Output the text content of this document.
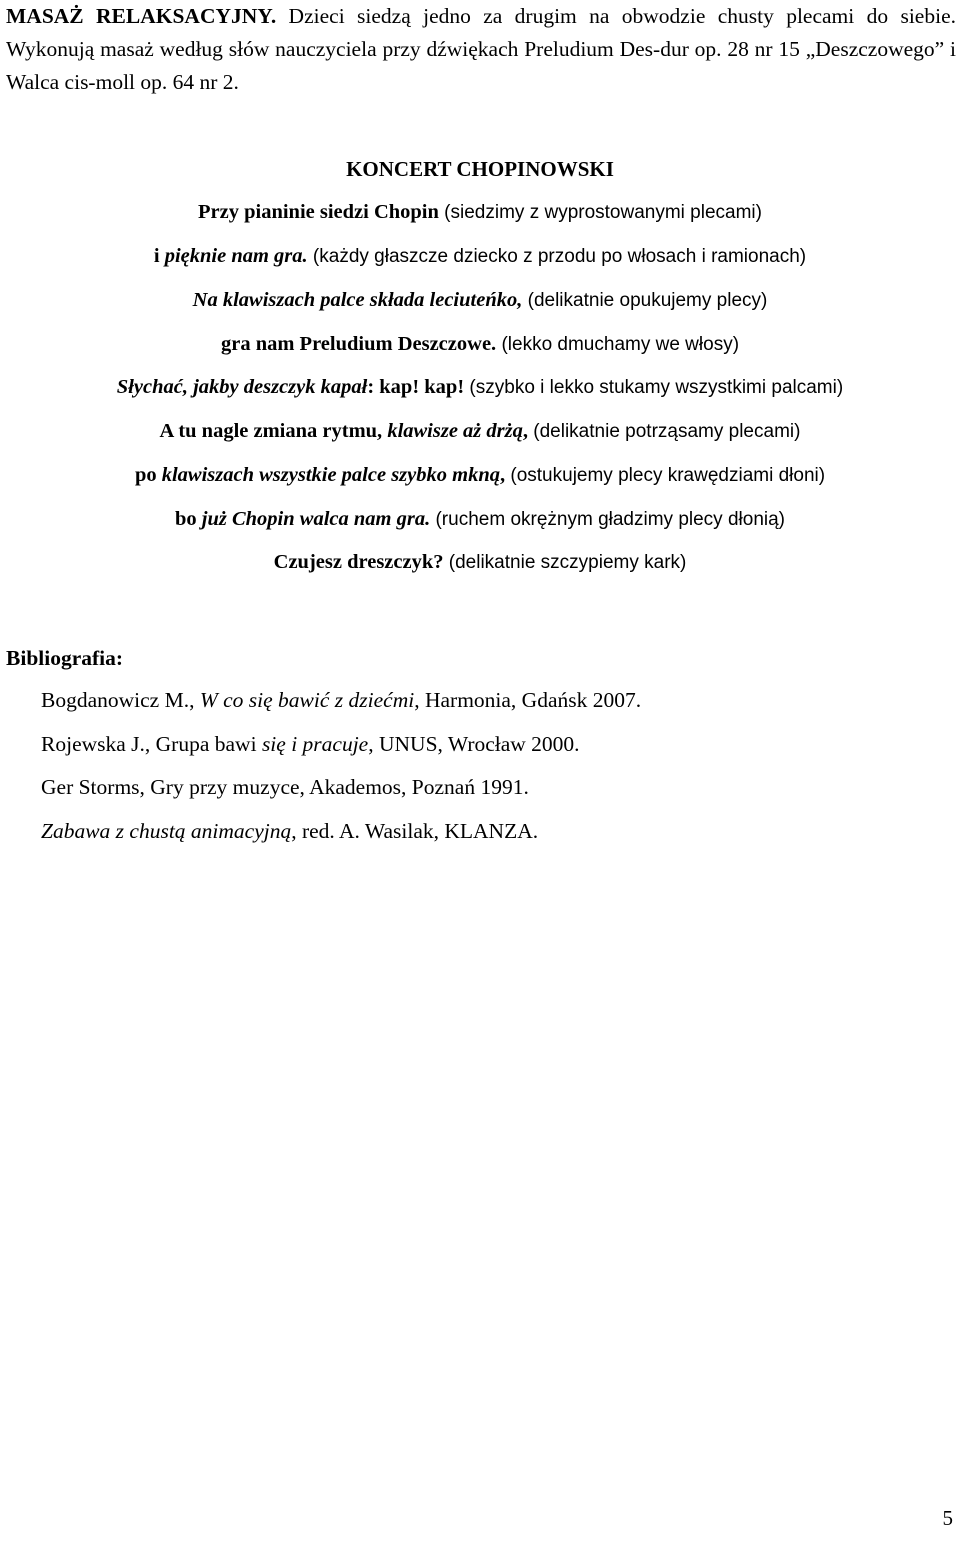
MASAŻ RELAKSACYJNY. Dzieci siedzą jedno za drugim na obwodzie chusty plecami do siebie. Wykonują masaż według słów nauczyciela przy dźwiękach Preludium Des-dur op. 28 nr 15 „Deszczowego” i Walca cis-moll op. 64 nr 2.
KONCERT CHOPINOWSKI
Przy pianinie siedzi Chopin (siedzimy z wyprostowanymi plecami)
i pięknie nam gra. (każdy głaszcze dziecko z przodu po włosach i ramionach)
Na klawiszach palce składa leciuteńko, (delikatnie opukujemy plecy)
gra nam Preludium Deszczowe. (lekko dmuchamy we włosy)
Słychać, jakby deszczyk kapał: kap! kap! (szybko i lekko stukamy wszystkimi palcami)
A tu nagle zmiana rytmu, klawisze aż drżą, (delikatnie potrząsamy plecami)
po klawiszach wszystkie palce szybko mkną, (ostukujemy plecy krawędziami dłoni)
bo już Chopin walca nam gra. (ruchem okrężnym gładzimy plecy dłonią)
Czujesz dreszczyk? (delikatnie szczypiemy kark)
Bibliografia:
Bogdanowicz M., W co się bawić z dziećmi, Harmonia, Gdańsk 2007.
Rojewska J., Grupa bawi się i pracuje, UNUS, Wrocław 2000.
Ger Storms, Gry przy muzyce, Akademos, Poznań 1991.
Zabawa z chustą animacyjną, red. A. Wasilak, KLANZA.
5
